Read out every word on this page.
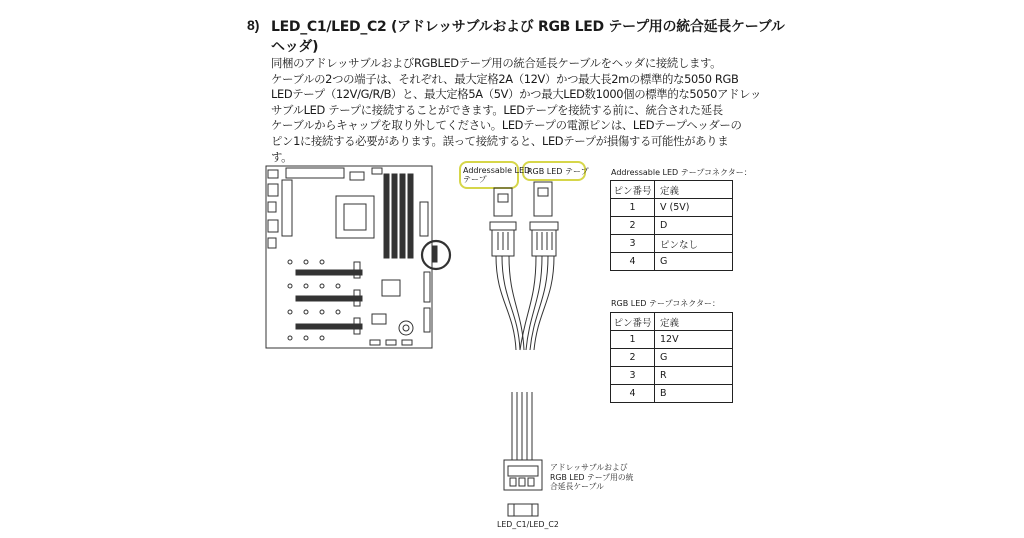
8) LED_C1/LED_C2 (アドレッサブルおよび RGB LED テープ用の統合延長ケーブルヘッダ)

同梱のアドレッサブルおよびRGBLEDテープ用の統合延長ケーブルをヘッダに接続します。

ケーブルの2つの端子は、それぞれ、最大定格2A（12V）かつ最大長2mの標準的な5050 RGB

LEDテープ（12V/G/R/B）と、最大定格5A（5V）かつ最大LED数1000個の標準的な5050アドレッ

サブルLED テープに接続することができます。LEDテープを接続する前に、統合された延長

ケーブルからキャップを取り外してください。LEDテープの電源ピンは、LEDテープヘッダーの

ピン1に接続する必要があります。誤って接続すると、LEDテープが損傷する可能性がありま

す。

Addressable LED
テープ
RGB LED テープ
アドレッサブルおよび
RGB LED テープ用の統
合延長ケーブル
LED_C1/LED_C2
Addressable LED テープコネクター：
ピン番号	定義
1	V (5V)
2	D
3	ピンなし
4	G
RGB LED テープコネクター：
ピン番号	定義
1	12V
2	G
3	R
4	B
